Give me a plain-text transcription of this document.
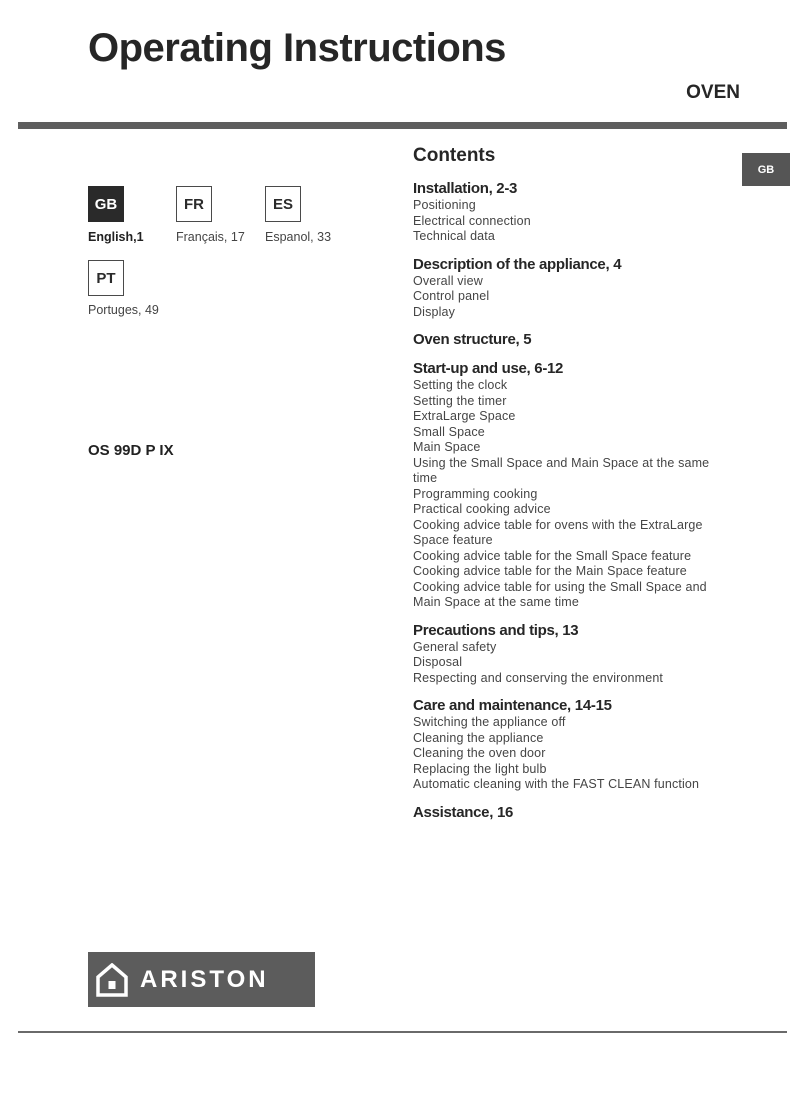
Operating Instructions
OVEN
GB
English,1
FR
Français, 17
ES
Espanol, 33
PT
Portuges, 49
OS 99D P IX
GB
Contents
Installation, 2-3
Positioning
Electrical connection
Technical data
Description of the appliance, 4
Overall view
Control panel
Display
Oven structure, 5
Start-up and use, 6-12
Setting the clock
Setting the timer
ExtraLarge Space
Small Space
Main Space
Using the Small Space and Main Space at the same time
Programming cooking
Practical cooking advice
Cooking advice table for ovens with the ExtraLarge Space feature
Cooking advice table for the Small Space feature
Cooking advice table for the Main Space feature
Cooking advice table for using the Small Space and Main Space at the same time
Precautions and tips, 13
General safety
Disposal
Respecting and conserving the environment
Care and maintenance, 14-15
Switching the appliance off
Cleaning the appliance
Cleaning the oven door
Replacing the light bulb
Automatic cleaning with the FAST CLEAN function
Assistance, 16
ARISTON
